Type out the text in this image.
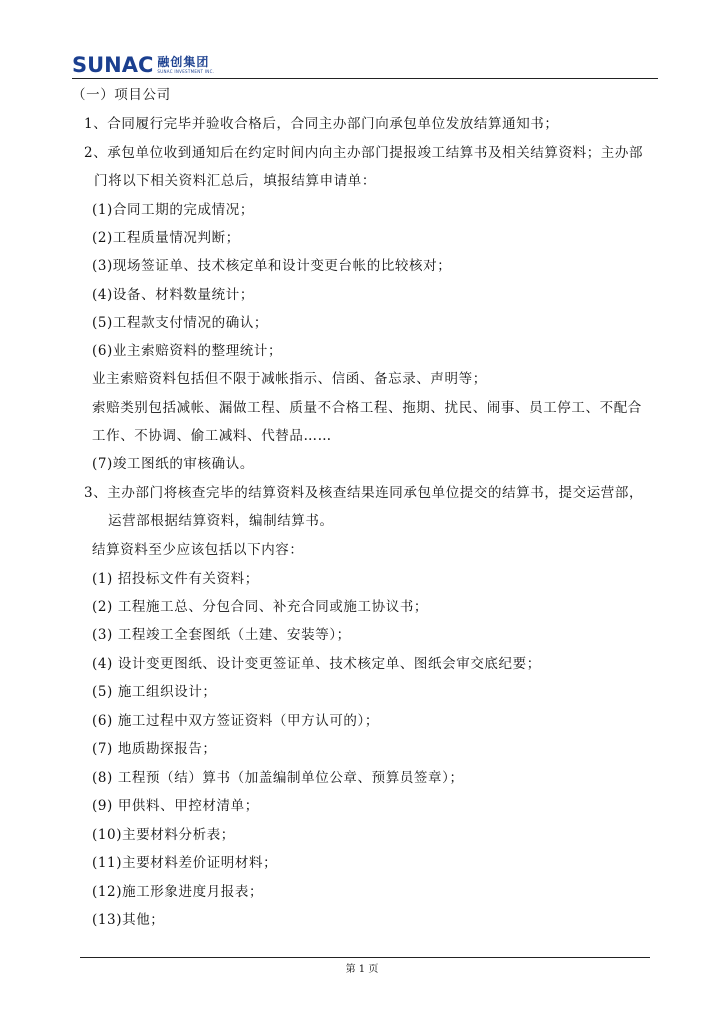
SUNAC 融创集团
SUNAC INVESTMENT INC.
（一）项目公司
1、合同履行完毕并验收合格后，合同主办部门向承包单位发放结算通知书；
2、承包单位收到通知后在约定时间内向主办部门提报竣工结算书及相关结算资料；主办部
门将以下相关资料汇总后，填报结算申请单：
(1)合同工期的完成情况；
(2)工程质量情况判断；
(3)现场签证单、技术核定单和设计变更台帐的比较核对；
(4)设备、材料数量统计；
(5)工程款支付情况的确认；
(6)业主索赔资料的整理统计；
业主索赔资料包括但不限于减帐指示、信函、备忘录、声明等；
索赔类别包括减帐、漏做工程、质量不合格工程、拖期、扰民、闹事、员工停工、不配合
工作、不协调、偷工减料、代替品……
(7)竣工图纸的审核确认。
3、主办部门将核查完毕的结算资料及核查结果连同承包单位提交的结算书，提交运营部，
运营部根据结算资料，编制结算书。
结算资料至少应该包括以下内容：
(1) 招投标文件有关资料；
(2) 工程施工总、分包合同、补充合同或施工协议书；
(3) 工程竣工全套图纸（土建、安装等）；
(4) 设计变更图纸、设计变更签证单、技术核定单、图纸会审交底纪要；
(5) 施工组织设计；
(6) 施工过程中双方签证资料（甲方认可的）；
(7) 地质勘探报告；
(8) 工程预（结）算书（加盖编制单位公章、预算员签章）；
(9) 甲供料、甲控材清单；
(10)主要材料分析表；
(11)主要材料差价证明材料；
(12)施工形象进度月报表；
(13)其他；
第 1 页
